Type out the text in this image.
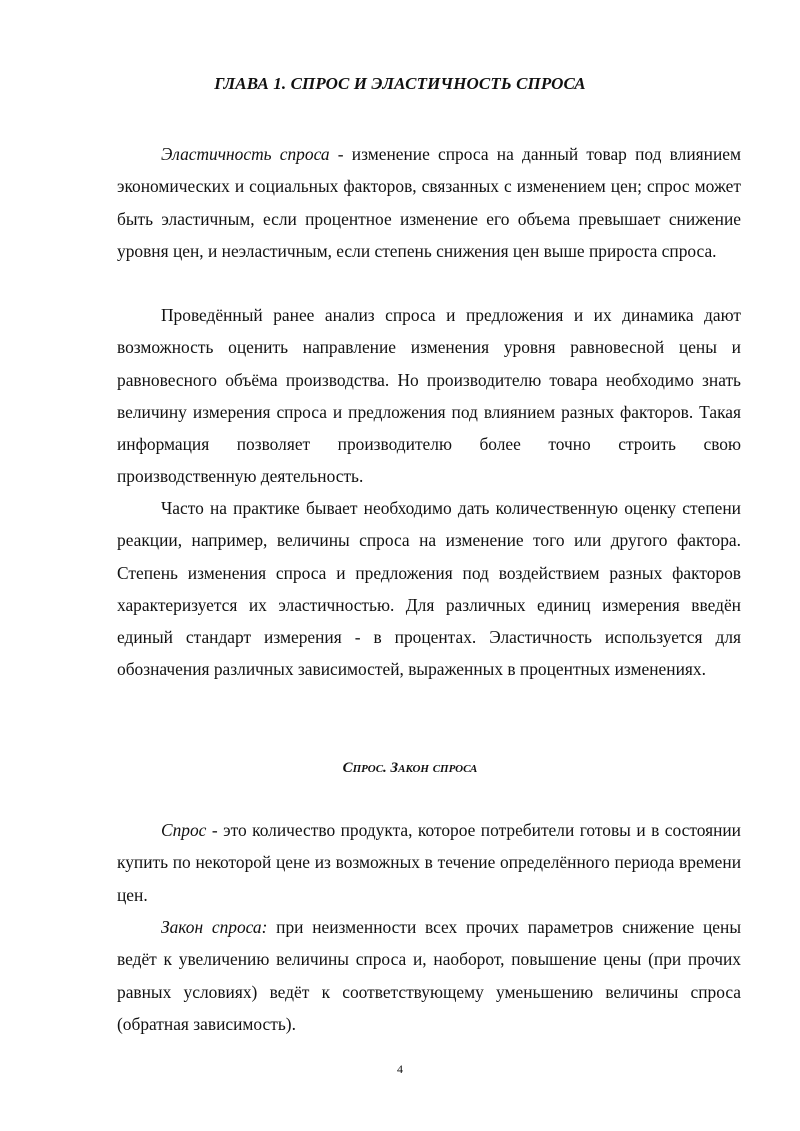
ГЛАВА 1. СПРОС И ЭЛАСТИЧНОСТЬ СПРОСА

Эластичность спроса - изменение спроса на данный товар под влиянием экономических и социальных факторов, связанных с изменением цен; спрос может быть эластичным, если процентное изменение его объема превышает снижение уровня цен, и неэластичным, если степень снижения цен выше прироста спроса.

Проведённый ранее анализ спроса и предложения и их динамика дают возможность оценить направление изменения уровня равновесной цены и равновесного объёма производства. Но производителю товара необходимо знать величину измерения спроса и предложения под влиянием разных факторов. Такая информация позволяет производителю более точно строить свою производственную деятельность.

Часто на практике бывает необходимо дать количественную оценку степени реакции, например, величины спроса на изменение того или другого фактора. Степень изменения спроса и предложения под воздействием разных факторов характеризуется их эластичностью. Для различных единиц измерения введён единый стандарт измерения - в процентах. Эластичность используется для обозначения различных зависимостей, выраженных в процентных изменениях.

Спрос. Закон спроса

Спрос - это количество продукта, которое потребители готовы и в состоянии купить по некоторой цене из возможных в течение определённого периода времени цен.

Закон спроса: при неизменности всех прочих параметров снижение цены ведёт к увеличению величины спроса и, наоборот, повышение цены (при прочих равных условиях) ведёт к соответствующему уменьшению величины спроса (обратная зависимость).

4
